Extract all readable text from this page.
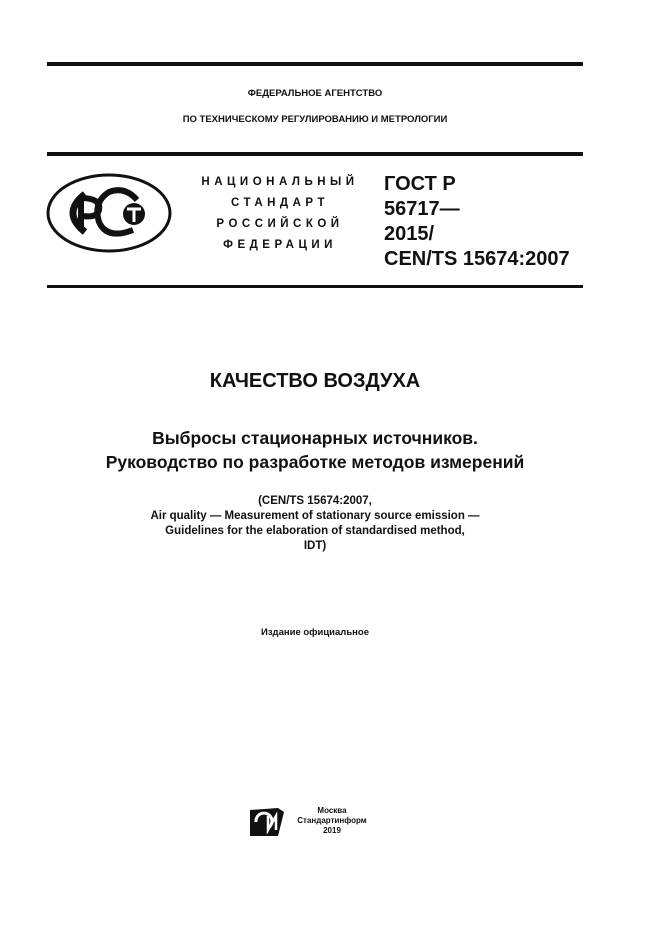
ФЕДЕРАЛЬНОЕ АГЕНТСТВО
ПО ТЕХНИЧЕСКОМУ РЕГУЛИРОВАНИЮ И МЕТРОЛОГИИ
НАЦИОНАЛЬНЫЙ
СТАНДАРТ
РОССИЙСКОЙ
ФЕДЕРАЦИИ
ГОСТ Р
56717—
2015/
CEN/TS 15674:2007
КАЧЕСТВО ВОЗДУХА
Выбросы стационарных источников.
Руководство по разработке методов измерений
(CEN/TS 15674:2007,
Air quality — Measurement of stationary source emission —
Guidelines for the elaboration of standardised method,
IDT)
Издание официальное
Москва
Стандартинформ
2019
